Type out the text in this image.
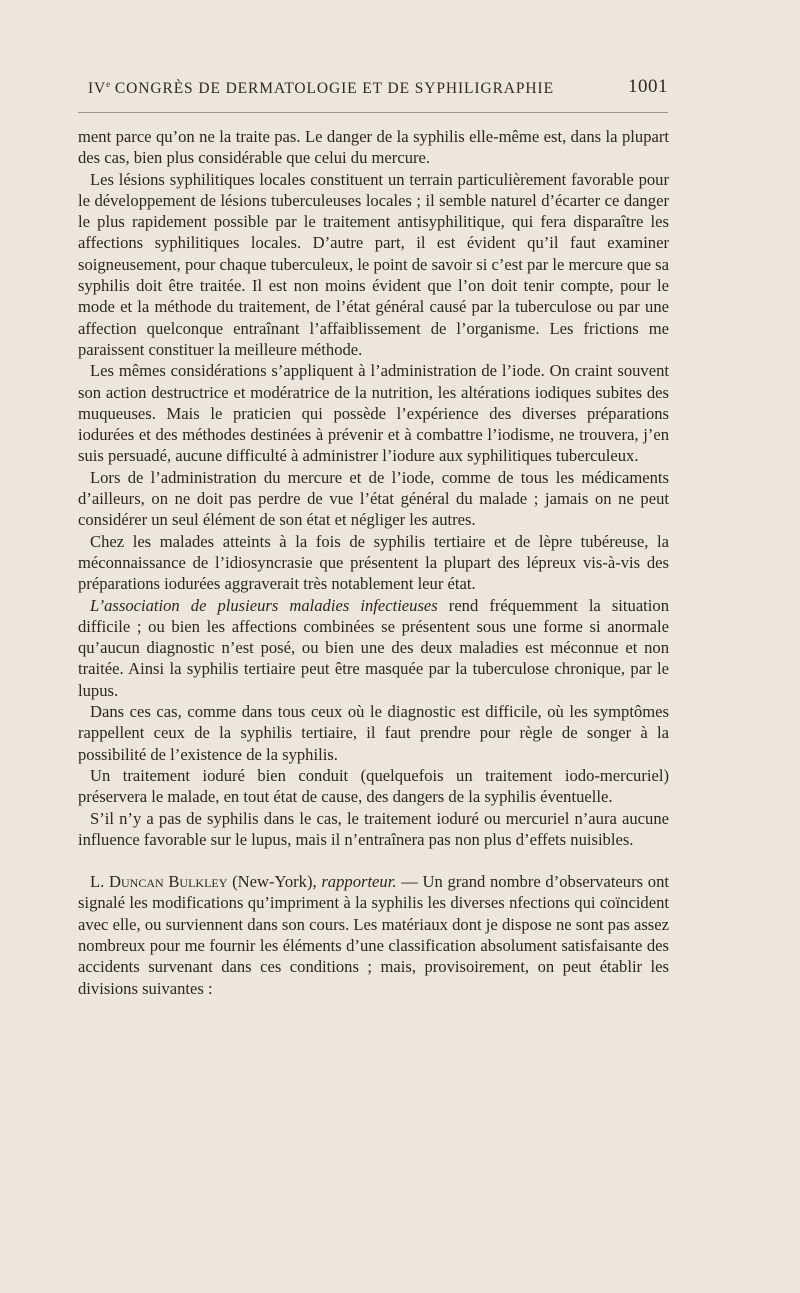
IVe CONGRÈS DE DERMATOLOGIE ET DE SYPHILIGRAPHIE	1001

ment parce qu’on ne la traite pas. Le danger de la syphilis elle-même est, dans la plupart des cas, bien plus considérable que celui du mercure.

Les lésions syphilitiques locales constituent un terrain particulièrement favorable pour le développement de lésions tuberculeuses locales ; il semble naturel d’écarter ce danger le plus rapidement possible par le traitement antisyphilitique, qui fera disparaître les affections syphilitiques locales. D’autre part, il est évident qu’il faut examiner soigneusement, pour chaque tuberculeux, le point de savoir si c’est par le mercure que sa syphilis doit être traitée. Il est non moins évident que l’on doit tenir compte, pour le mode et la méthode du traitement, de l’état général causé par la tuberculose ou par une affection quelconque entraînant l’affaiblissement de l’organisme. Les frictions me paraissent constituer la meilleure méthode.

Les mêmes considérations s’appliquent à l’administration de l’iode. On craint souvent son action destructrice et modératrice de la nutrition, les altérations iodiques subites des muqueuses. Mais le praticien qui possède l’expérience des diverses préparations iodurées et des méthodes destinées à prévenir et à combattre l’iodisme, ne trouvera, j’en suis persuadé, aucune difficulté à administrer l’iodure aux syphilitiques tuberculeux.

Lors de l’administration du mercure et de l’iode, comme de tous les médicaments d’ailleurs, on ne doit pas perdre de vue l’état général du malade ; jamais on ne peut considérer un seul élément de son état et négliger les autres.

Chez les malades atteints à la fois de syphilis tertiaire et de lèpre tubéreuse, la méconnaissance de l’idiosyncrasie que présentent la plupart des lépreux vis-à-vis des préparations iodurées aggraverait très notablement leur état.

L’association de plusieurs maladies infectieuses rend fréquemment la situation difficile ; ou bien les affections combinées se présentent sous une forme si anormale qu’aucun diagnostic n’est posé, ou bien une des deux maladies est méconnue et non traitée. Ainsi la syphilis tertiaire peut être masquée par la tuberculose chronique, par le lupus.

Dans ces cas, comme dans tous ceux où le diagnostic est difficile, où les symptômes rappellent ceux de la syphilis tertiaire, il faut prendre pour règle de songer à la possibilité de l’existence de la syphilis.

Un traitement ioduré bien conduit (quelquefois un traitement iodo-mercuriel) préservera le malade, en tout état de cause, des dangers de la syphilis éventuelle.

S’il n’y a pas de syphilis dans le cas, le traitement ioduré ou mercuriel n’aura aucune influence favorable sur le lupus, mais il n’entraînera pas non plus d’effets nuisibles.

L. Duncan Bulkley (New-York), rapporteur. — Un grand nombre d’observateurs ont signalé les modifications qu’impriment à la syphilis les diverses nfections qui coïncident avec elle, ou surviennent dans son cours. Les matériaux dont je dispose ne sont pas assez nombreux pour me fournir les éléments d’une classification absolument satisfaisante des accidents survenant dans ces conditions ; mais, provisoirement, on peut établir les divisions suivantes :
